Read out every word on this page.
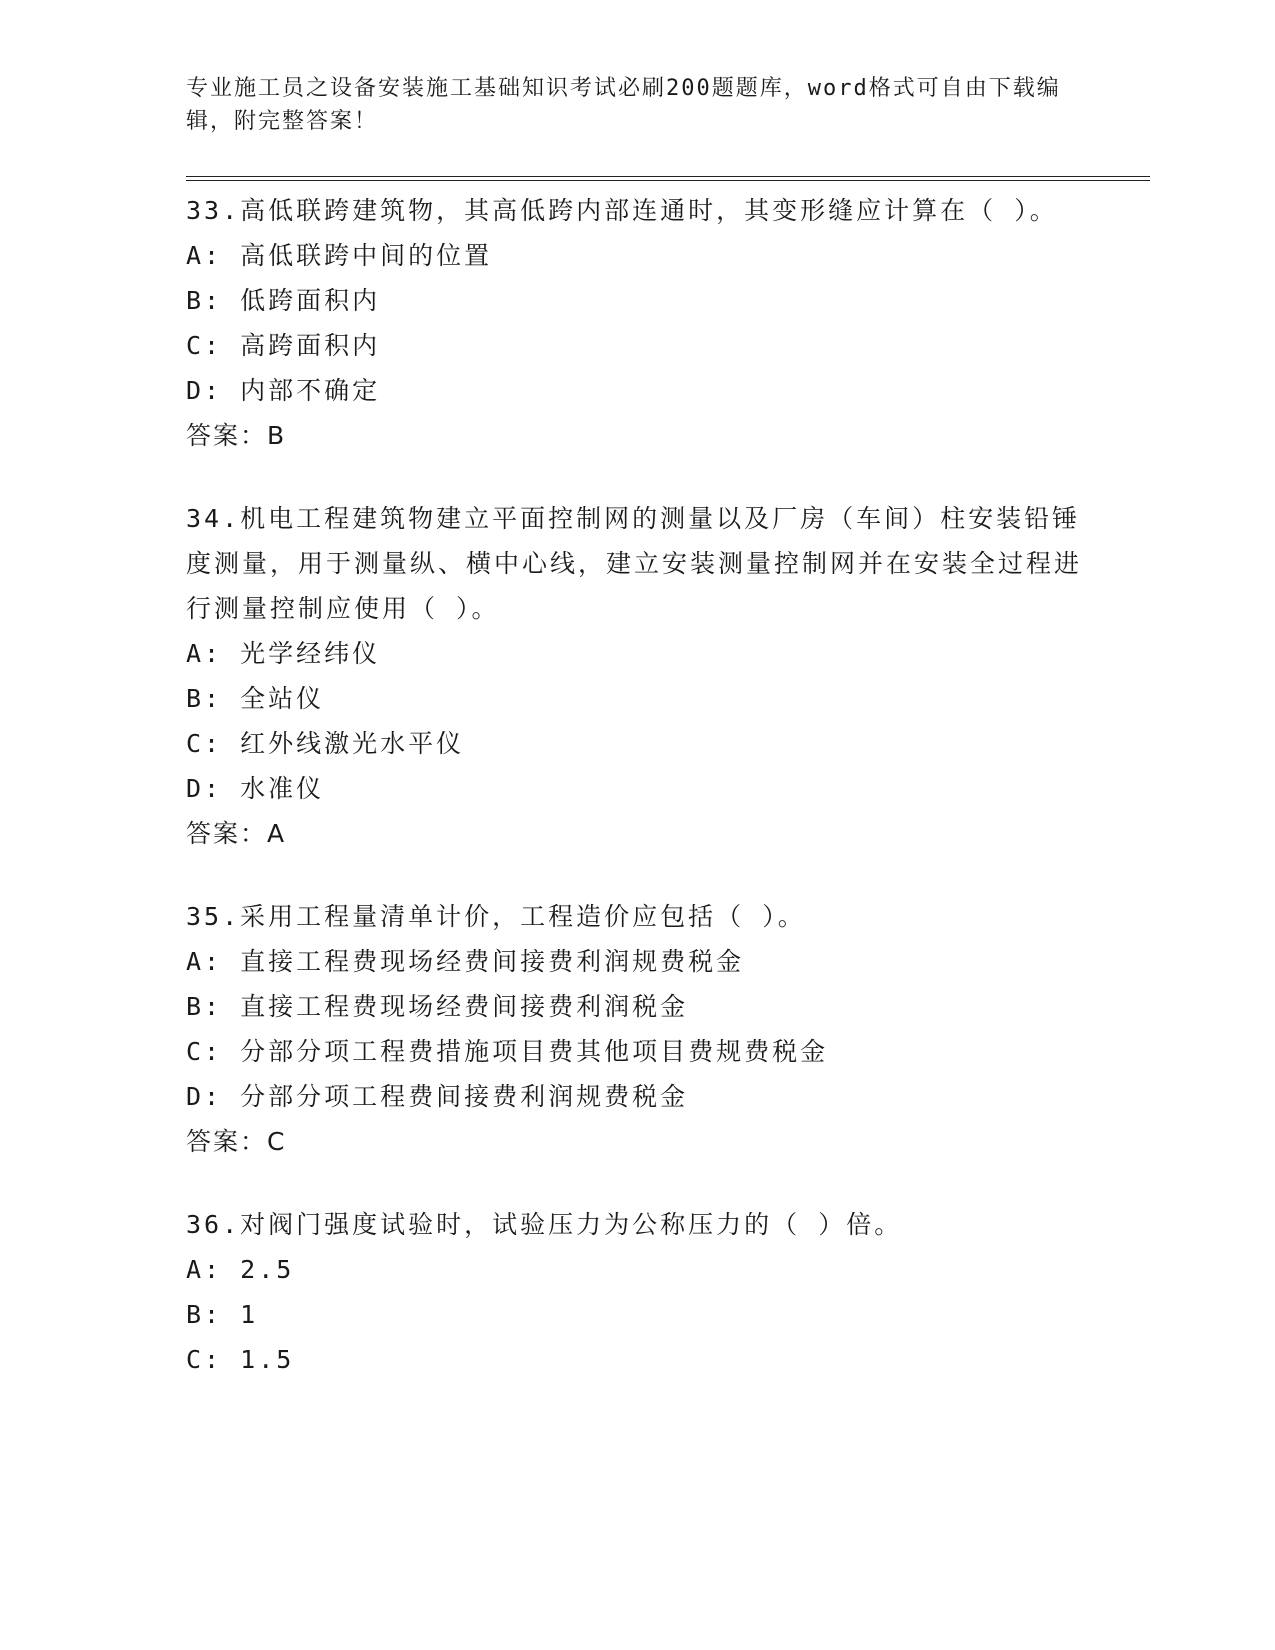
专业施工员之设备安装施工基础知识考试必刷200题题库，word格式可自由下载编辑，附完整答案！
33.高低联跨建筑物，其高低跨内部连通时，其变形缝应计算在（ ）。
A: 高低联跨中间的位置
B: 低跨面积内
C: 高跨面积内
D: 内部不确定
答案：B
34.机电工程建筑物建立平面控制网的测量以及厂房（车间）柱安装铅锤度测量，用于测量纵、横中心线，建立安装测量控制网并在安装全过程进行测量控制应使用（ ）。
A: 光学经纬仪
B: 全站仪
C: 红外线激光水平仪
D: 水准仪
答案：A
35.采用工程量清单计价，工程造价应包括（ ）。
A: 直接工程费现场经费间接费利润规费税金
B: 直接工程费现场经费间接费利润税金
C: 分部分项工程费措施项目费其他项目费规费税金
D: 分部分项工程费间接费利润规费税金
答案：C
36.对阀门强度试验时，试验压力为公称压力的（ ）倍。
A: 2.5
B: 1
C: 1.5
